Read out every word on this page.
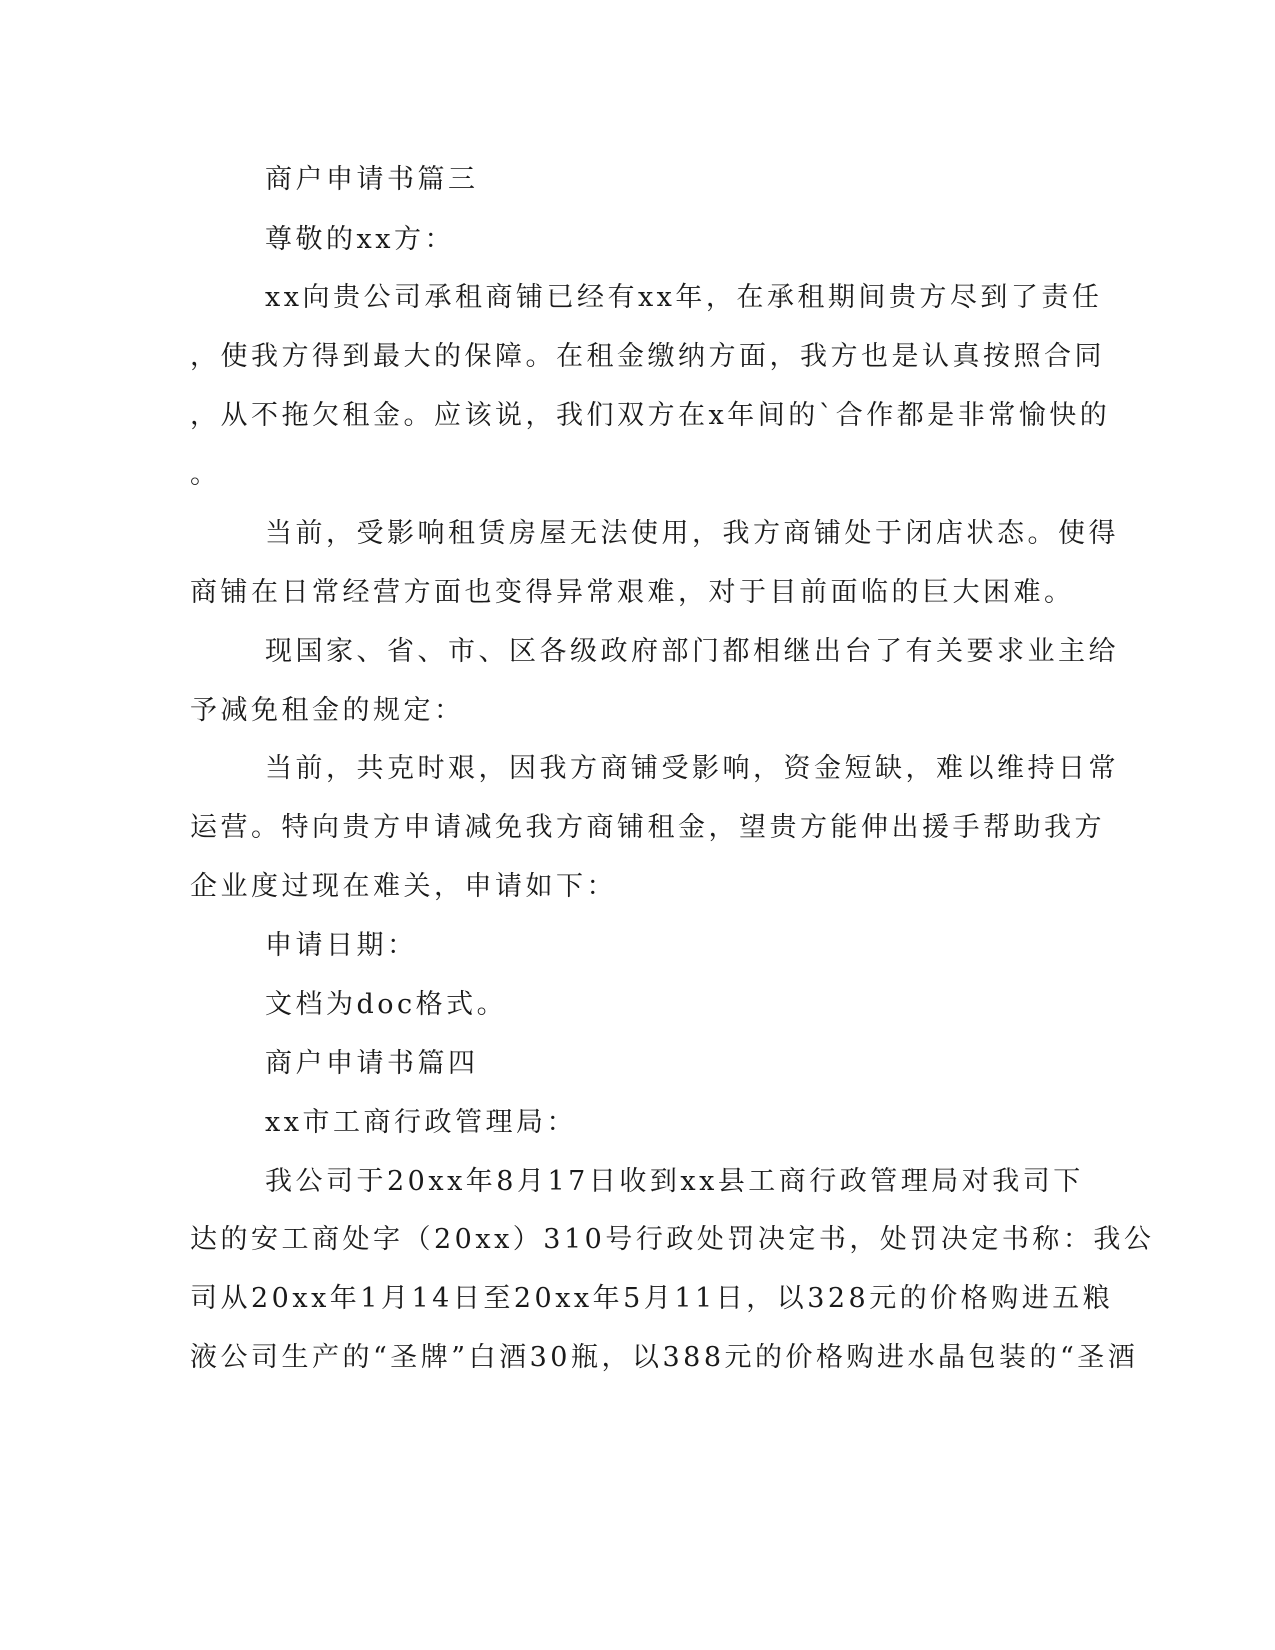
商户申请书篇三
尊敬的xx方：
xx向贵公司承租商铺已经有xx年，在承租期间贵方尽到了责任
，使我方得到最大的保障。在租金缴纳方面，我方也是认真按照合同
，从不拖欠租金。应该说，我们双方在x年间的`合作都是非常愉快的
。
当前，受影响租赁房屋无法使用，我方商铺处于闭店状态。使得
商铺在日常经营方面也变得异常艰难，对于目前面临的巨大困难。
现国家、省、市、区各级政府部门都相继出台了有关要求业主给
予减免租金的规定：
当前，共克时艰，因我方商铺受影响，资金短缺，难以维持日常
运营。特向贵方申请减免我方商铺租金，望贵方能伸出援手帮助我方
企业度过现在难关，申请如下：
申请日期：
文档为doc格式。
商户申请书篇四
xx市工商行政管理局：
我公司于20xx年8月17日收到xx县工商行政管理局对我司下
达的安工商处字（20xx）310号行政处罚决定书，处罚决定书称：我公
司从20xx年1月14日至20xx年5月11日，以328元的价格购进五粮
液公司生产的“圣牌”白酒30瓶，以388元的价格购进水晶包装的“圣酒
